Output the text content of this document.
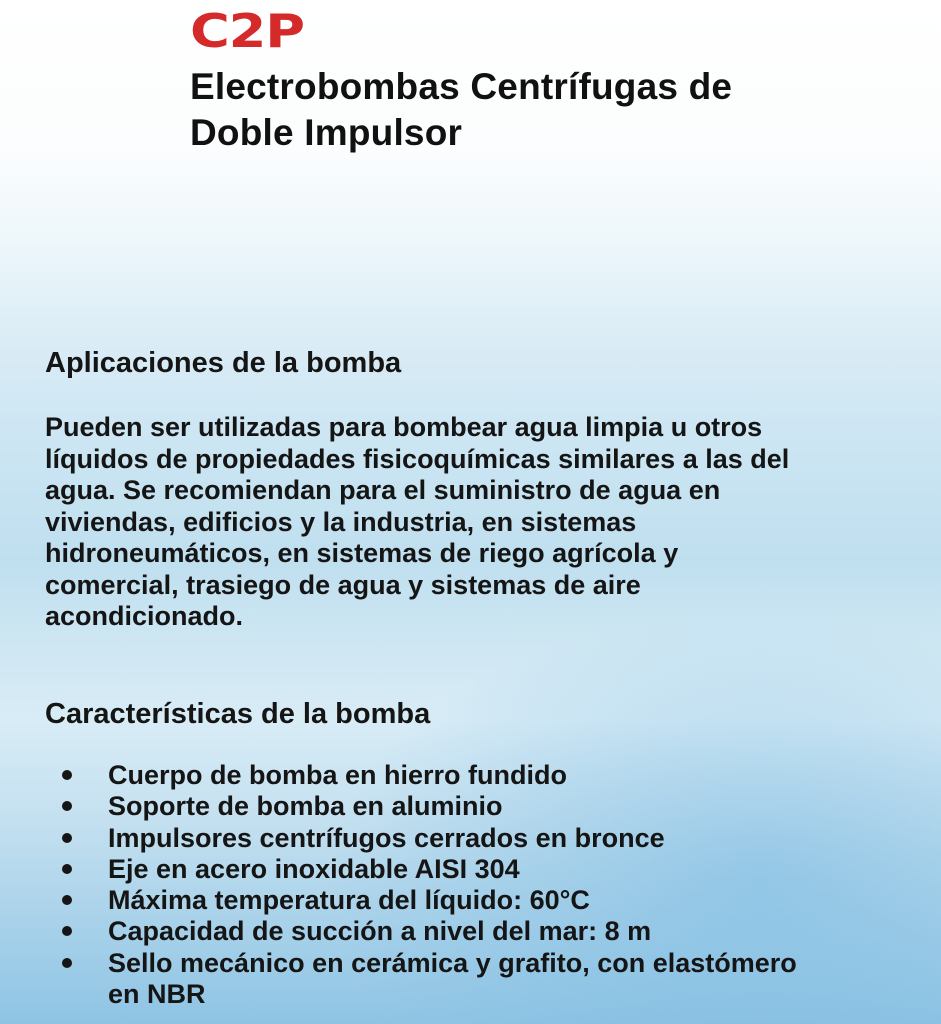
C2P
Electrobombas Centrífugas de
Doble Impulsor
Aplicaciones de la bomba

Pueden ser utilizadas para bombear agua limpia u otros
líquidos de propiedades fisicoquímicas similares a las del
agua. Se recomiendan para el suministro de agua en
viviendas, edificios y la industria, en sistemas
hidroneumáticos, en sistemas de riego agrícola y
comercial, trasiego de agua y sistemas de aire
acondicionado.

Características de la bomba
Cuerpo de bomba en hierro fundido
Soporte de bomba en aluminio
Impulsores centrífugos cerrados en bronce
Eje en acero inoxidable AISI 304
Máxima temperatura del líquido: 60°C
Capacidad de succión a nivel del mar: 8 m
Sello mecánico en cerámica y grafito, con elastómero
en NBR
